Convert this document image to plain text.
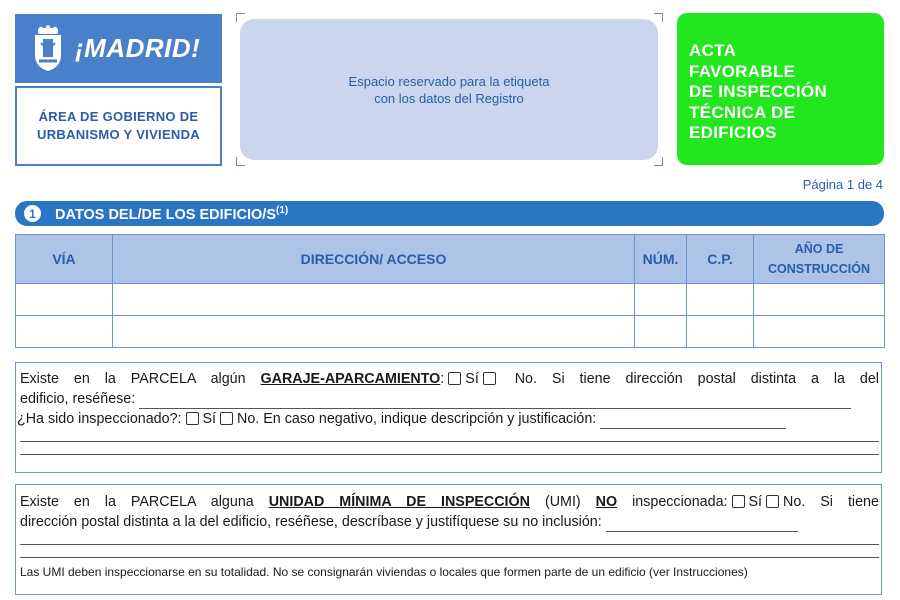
¡MADRID!
ÁREA DE GOBIERNO DE
URBANISMO Y VIVIENDA
Espacio reservado para la etiqueta
con los datos del Registro
ACTA
FAVORABLE
DE INSPECCIÓN
TÉCNICA DE
EDIFICIOS
Página 1 de 4
1	DATOS DEL/DE LOS EDIFICIO/$S^{(1)}$
VÍA	DIRECCIÓN/ ACCESO	NÚM.	C.P.	AÑO DE
CONSTRUCCIÓN

Existe en la PARCELA algún GARAJE-APARCAMIENTO: Sí	No. Si tiene dirección postal distinta a la del
edificio, reséñese:
¿Ha sido inspeccionado?: Sí No. En caso negativo, indique descripción y justificación:
Existe en la PARCELA alguna UNIDAD MÍNIMA DE INSPECCIÓN (UMI) NO inspeccionada: Sí No. Si tiene
dirección postal distinta a la del edificio, reséñese, descríbase y justifíquese su no inclusión:
Las UMI deben inspeccionarse en su totalidad. No se consignarán viviendas o locales que formen parte de un edificio (ver Instrucciones)
